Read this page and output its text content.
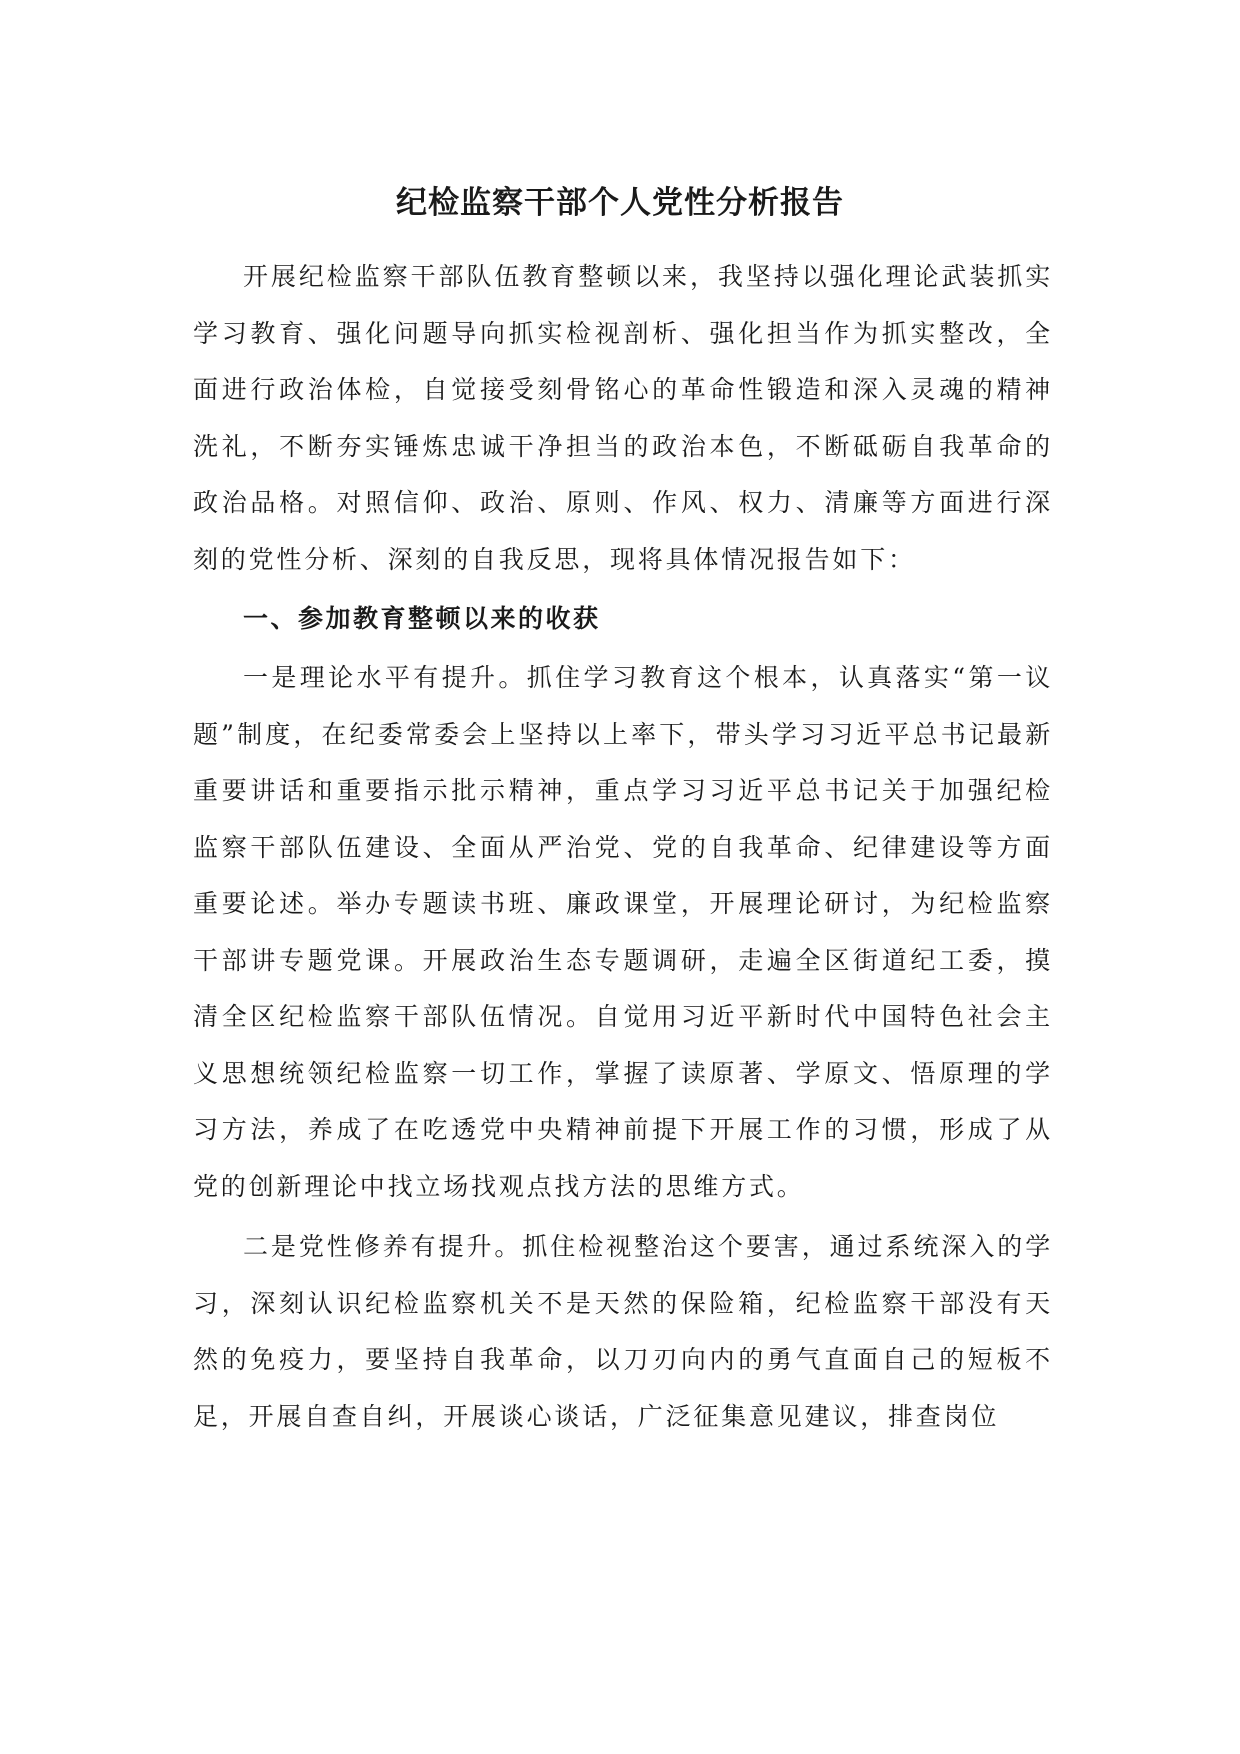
纪检监察干部个人党性分析报告

开展纪检监察干部队伍教育整顿以来，我坚持以强化理论武装抓实学习教育、强化问题导向抓实检视剖析、强化担当作为抓实整改，全面进行政治体检，自觉接受刻骨铭心的革命性锻造和深入灵魂的精神洗礼，不断夯实锤炼忠诚干净担当的政治本色，不断砥砺自我革命的政治品格。对照信仰、政治、原则、作风、权力、清廉等方面进行深刻的党性分析、深刻的自我反思，现将具体情况报告如下：

一、参加教育整顿以来的收获

一是理论水平有提升。抓住学习教育这个根本，认真落实“第一议题”制度，在纪委常委会上坚持以上率下，带头学习习近平总书记最新重要讲话和重要指示批示精神，重点学习习近平总书记关于加强纪检监察干部队伍建设、全面从严治党、党的自我革命、纪律建设等方面重要论述。举办专题读书班、廉政课堂，开展理论研讨，为纪检监察干部讲专题党课。开展政治生态专题调研，走遍全区街道纪工委，摸清全区纪检监察干部队伍情况。自觉用习近平新时代中国特色社会主义思想统领纪检监察一切工作，掌握了读原著、学原文、悟原理的学习方法，养成了在吃透党中央精神前提下开展工作的习惯，形成了从党的创新理论中找立场找观点找方法的思维方式。

二是党性修养有提升。抓住检视整治这个要害，通过系统深入的学习，深刻认识纪检监察机关不是天然的保险箱，纪检监察干部没有天然的免疫力，要坚持自我革命，以刀刃向内的勇气直面自己的短板不足，开展自查自纠，开展谈心谈话，广泛征集意见建议，排查岗位
